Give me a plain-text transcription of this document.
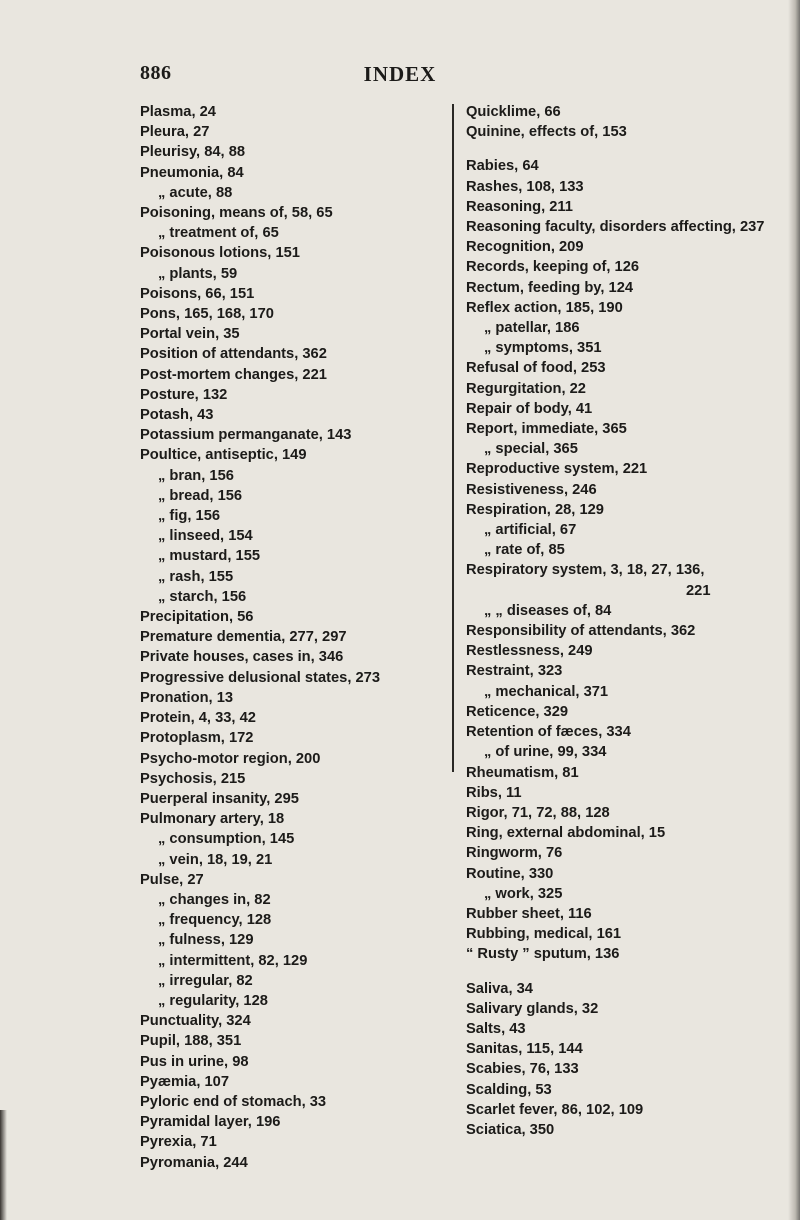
886	INDEX
Plasma, 24
Pleura, 27
Pleurisy, 84, 88
Pneumonia, 84
„ acute, 88
Poisoning, means of, 58, 65
„ treatment of, 65
Poisonous lotions, 151
„ plants, 59
Poisons, 66, 151
Pons, 165, 168, 170
Portal vein, 35
Position of attendants, 362
Post-mortem changes, 221
Posture, 132
Potash, 43
Potassium permanganate, 143
Poultice, antiseptic, 149
„ bran, 156
„ bread, 156
„ fig, 156
„ linseed, 154
„ mustard, 155
„ rash, 155
„ starch, 156
Precipitation, 56
Premature dementia, 277, 297
Private houses, cases in, 346
Progressive delusional states, 273
Pronation, 13
Protein, 4, 33, 42
Protoplasm, 172
Psycho-motor region, 200
Psychosis, 215
Puerperal insanity, 295
Pulmonary artery, 18
„ consumption, 145
„ vein, 18, 19, 21
Pulse, 27
„ changes in, 82
„ frequency, 128
„ fulness, 129
„ intermittent, 82, 129
„ irregular, 82
„ regularity, 128
Punctuality, 324
Pupil, 188, 351
Pus in urine, 98
Pyæmia, 107
Pyloric end of stomach, 33
Pyramidal layer, 196
Pyrexia, 71
Pyromania, 244
Quicklime, 66
Quinine, effects of, 153
Rabies, 64
Rashes, 108, 133
Reasoning, 211
Reasoning faculty, disorders affecting, 237
Recognition, 209
Records, keeping of, 126
Rectum, feeding by, 124
Reflex action, 185, 190
„ patellar, 186
„ symptoms, 351
Refusal of food, 253
Regurgitation, 22
Repair of body, 41
Report, immediate, 365
„ special, 365
Reproductive system, 221
Resistiveness, 246
Respiration, 28, 129
„ artificial, 67
„ rate of, 85
Respiratory system, 3, 18, 27, 136,
221
„ „ diseases of, 84
Responsibility of attendants, 362
Restlessness, 249
Restraint, 323
„ mechanical, 371
Reticence, 329
Retention of fæces, 334
„ of urine, 99, 334
Rheumatism, 81
Ribs, 11
Rigor, 71, 72, 88, 128
Ring, external abdominal, 15
Ringworm, 76
Routine, 330
„ work, 325
Rubber sheet, 116
Rubbing, medical, 161
“ Rusty ” sputum, 136
Saliva, 34
Salivary glands, 32
Salts, 43
Sanitas, 115, 144
Scabies, 76, 133
Scalding, 53
Scarlet fever, 86, 102, 109
Sciatica, 350
